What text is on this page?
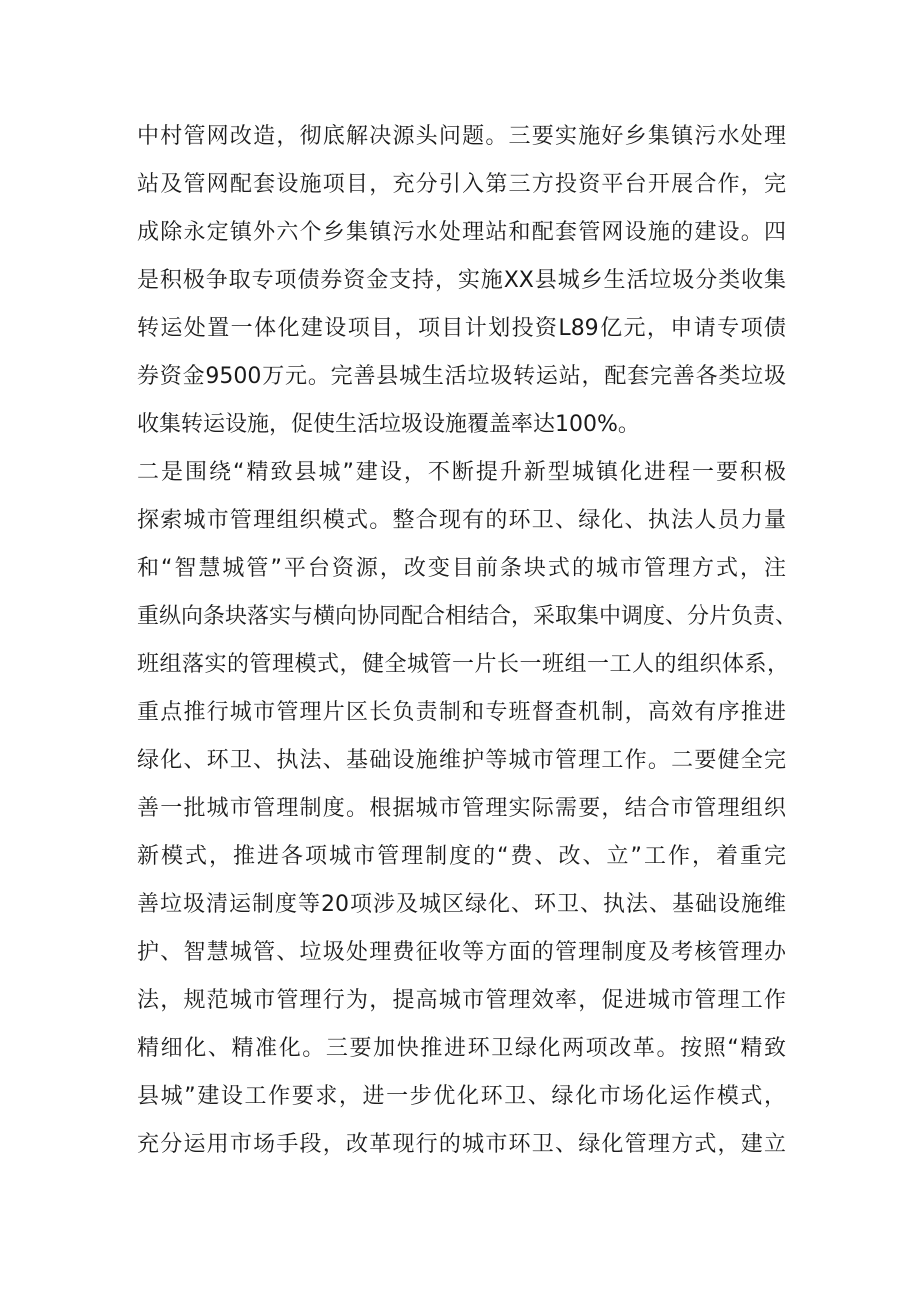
中村管网改造，彻底解决源头问题。三要实施好乡集镇污水处理
站及管网配套设施项目，充分引入第三方投资平台开展合作，完
成除永定镇外六个乡集镇污水处理站和配套管网设施的建设。四
是积极争取专项债券资金支持，实施XX县城乡生活垃圾分类收集
转运处置一体化建设项目，项目计划投资L89亿元，申请专项债
券资金9500万元。完善县城生活垃圾转运站，配套完善各类垃圾
收集转运设施，促使生活垃圾设施覆盖率达100%。
二是围绕“精致县城”建设，不断提升新型城镇化进程一要积极
探索城市管理组织模式。整合现有的环卫、绿化、执法人员力量
和“智慧城管”平台资源，改变目前条块式的城市管理方式，注
重纵向条块落实与横向协同配合相结合，采取集中调度、分片负责、
班组落实的管理模式，健全城管一片长一班组一工人的组织体系，
重点推行城市管理片区长负责制和专班督查机制，高效有序推进
绿化、环卫、执法、基础设施维护等城市管理工作。二要健全完
善一批城市管理制度。根据城市管理实际需要，结合市管理组织
新模式，推进各项城市管理制度的“费、改、立”工作，着重完
善垃圾清运制度等20项涉及城区绿化、环卫、执法、基础设施维
护、智慧城管、垃圾处理费征收等方面的管理制度及考核管理办
法，规范城市管理行为，提高城市管理效率，促进城市管理工作
精细化、精准化。三要加快推进环卫绿化两项改革。按照“精致
县城”建设工作要求，进一步优化环卫、绿化市场化运作模式，
充分运用市场手段，改革现行的城市环卫、绿化管理方式，建立
